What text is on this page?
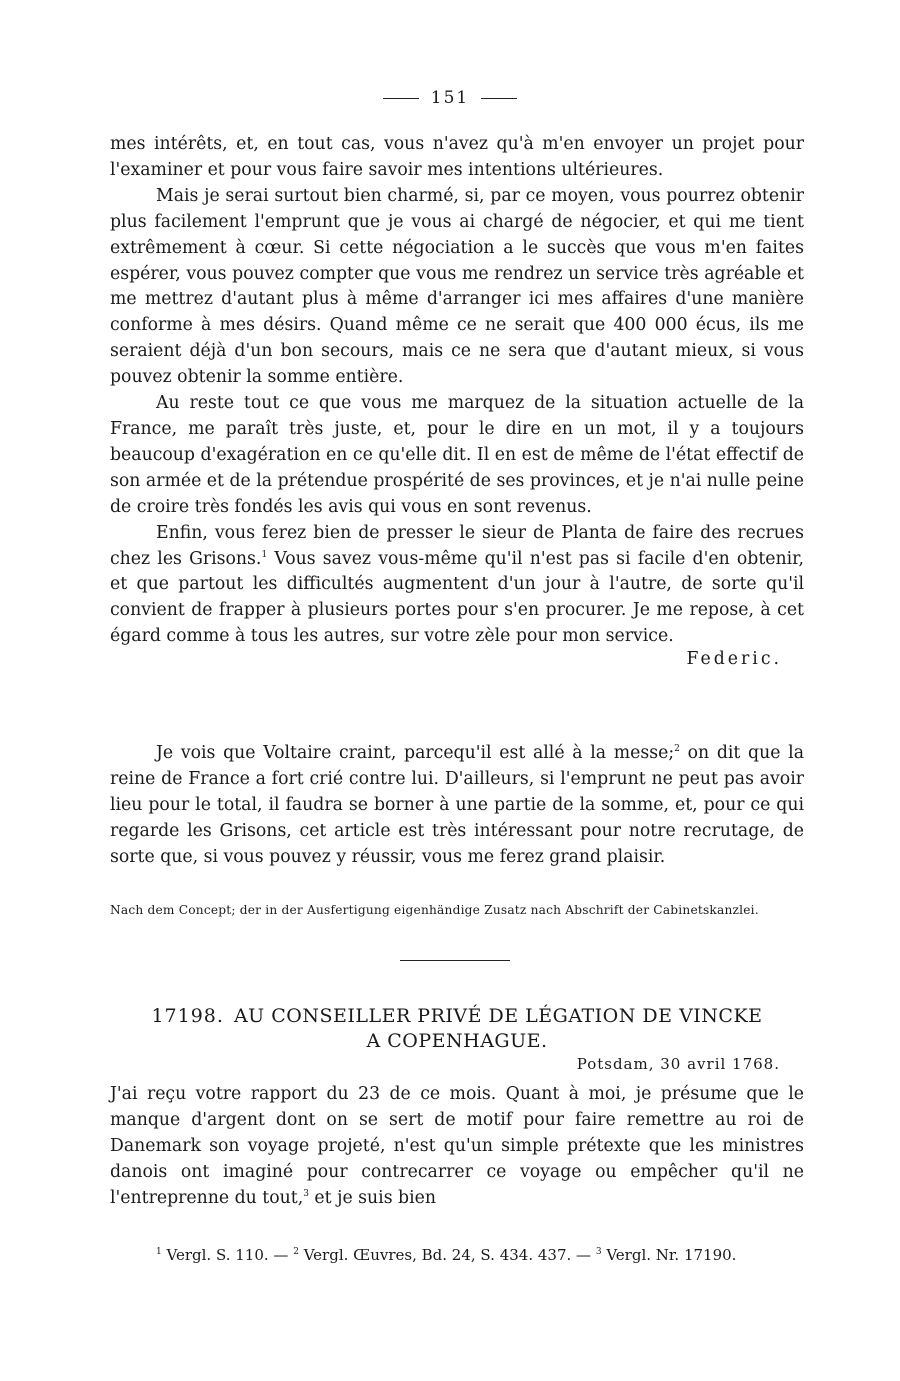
151

mes intérêts, et, en tout cas, vous n'avez qu'à m'en envoyer un projet pour l'examiner et pour vous faire savoir mes intentions ultérieures.

Mais je serai surtout bien charmé, si, par ce moyen, vous pourrez obtenir plus facilement l'emprunt que je vous ai chargé de négocier, et qui me tient extrêmement à cœur. Si cette négociation a le succès que vous m'en faites espérer, vous pouvez compter que vous me rendrez un service très agréable et me mettrez d'autant plus à même d'arranger ici mes affaires d'une manière conforme à mes désirs. Quand même ce ne serait que 400 000 écus, ils me seraient déjà d'un bon secours, mais ce ne sera que d'autant mieux, si vous pouvez obtenir la somme entière.

Au reste tout ce que vous me marquez de la situation actuelle de la France, me paraît très juste, et, pour le dire en un mot, il y a toujours beaucoup d'exagération en ce qu'elle dit. Il en est de même de l'état effectif de son armée et de la prétendue prospérité de ses provinces, et je n'ai nulle peine de croire très fondés les avis qui vous en sont revenus.

Enfin, vous ferez bien de presser le sieur de Planta de faire des recrues chez les Grisons.$^1$ Vous savez vous-même qu'il n'est pas si facile d'en obtenir, et que partout les difficultés augmentent d'un jour à l'autre, de sorte qu'il convient de frapper à plusieurs portes pour s'en procurer. Je me repose, à cet égard comme à tous les autres, sur votre zèle pour mon service.

Federic.

Je vois que Voltaire craint, parcequ'il est allé à la messe;$^2$ on dit que la reine de France a fort crié contre lui. D'ailleurs, si l'emprunt ne peut pas avoir lieu pour le total, il faudra se borner à une partie de la somme, et, pour ce qui regarde les Grisons, cet article est très intéressant pour notre recrutage, de sorte que, si vous pouvez y réussir, vous me ferez grand plaisir.

Nach dem Concept; der in der Ausfertigung eigenhändige Zusatz nach Abschrift der Cabinetskanzlei.
17198. AU CONSEILLER PRIVÉ DE LÉGATION DE VINCKE
A COPENHAGUE.
Potsdam, 30 avril 1768.

J'ai reçu votre rapport du 23 de ce mois. Quant à moi, je présume que le manque d'argent dont on se sert de motif pour faire remettre au roi de Danemark son voyage projeté, n'est qu'un simple prétexte que les ministres danois ont imaginé pour contrecarrer ce voyage ou empêcher qu'il ne l'entreprenne du tout,$^3$ et je suis bien

$^1$ Vergl. S. 110. — $^2$ Vergl. Œuvres, Bd. 24, S. 434. 437. — $^3$ Vergl. Nr. 17190.
